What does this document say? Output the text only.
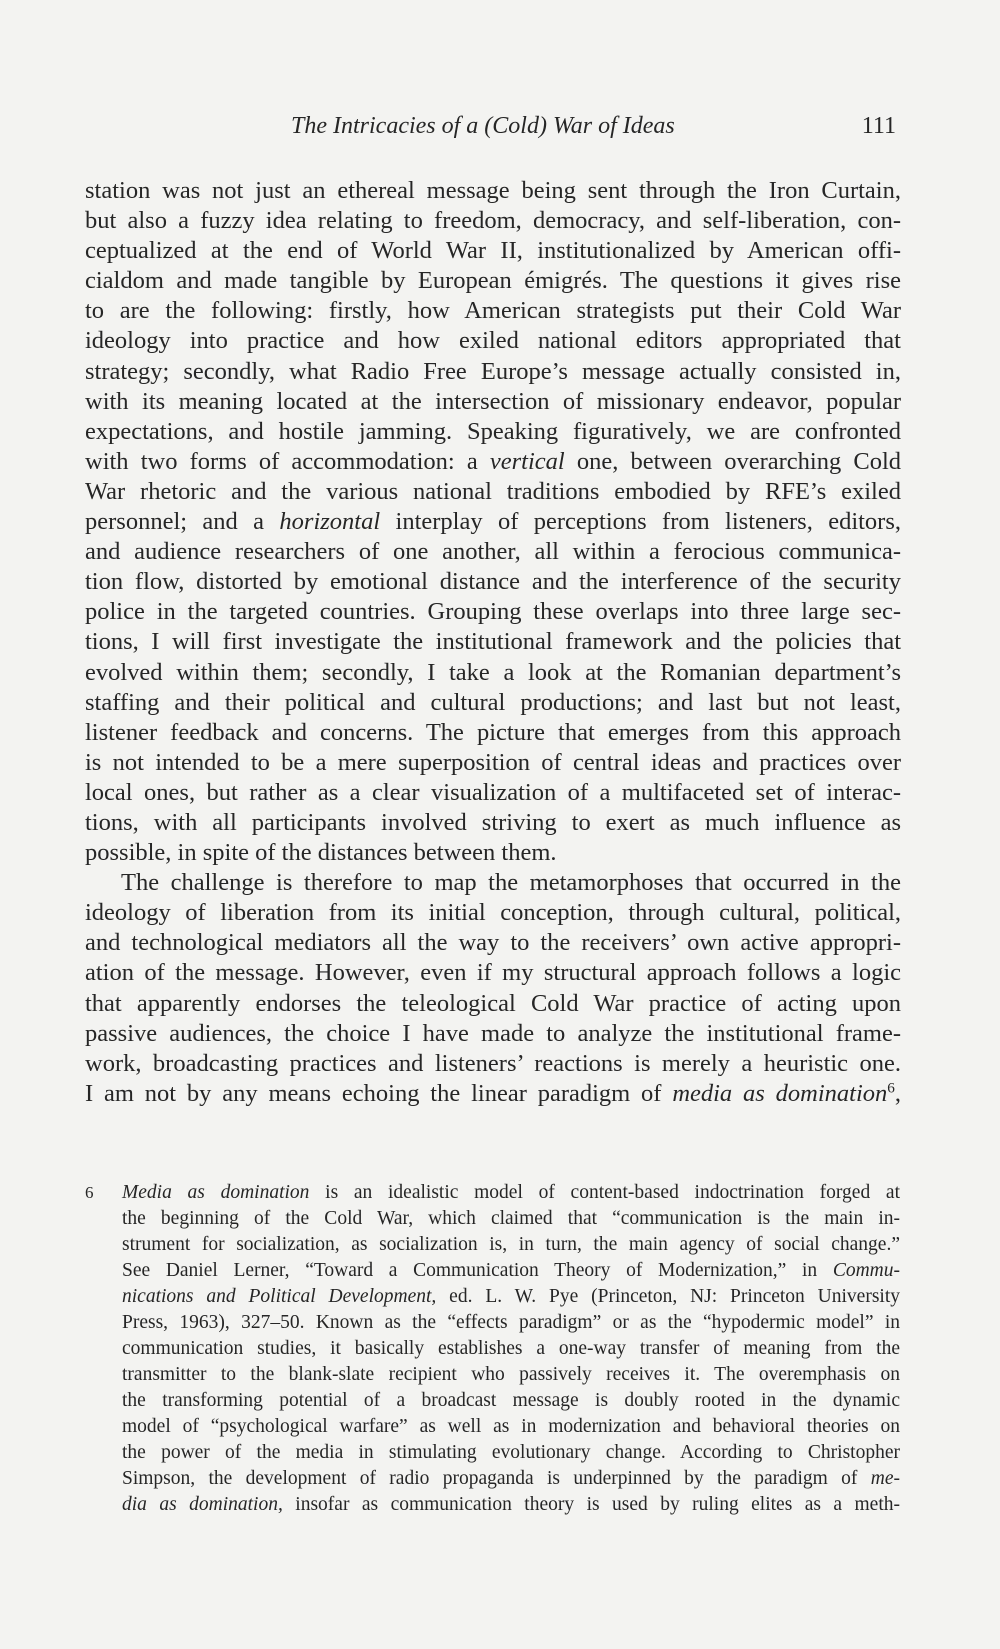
The Intricacies of a (Cold) War of Ideas	111
station was not just an ethereal message being sent through the Iron Curtain,
but also a fuzzy idea relating to freedom, democracy, and self-liberation, con-
ceptualized at the end of World War II, institutionalized by American offi-
cialdom and made tangible by European émigrés. The questions it gives rise
to are the following: firstly, how American strategists put their Cold War
ideology into practice and how exiled national editors appropriated that
strategy; secondly, what Radio Free Europe’s message actually consisted in,
with its meaning located at the intersection of missionary endeavor, popular
expectations, and hostile jamming. Speaking figuratively, we are confronted
with two forms of accommodation: a vertical one, between overarching Cold
War rhetoric and the various national traditions embodied by RFE’s exiled
personnel; and a horizontal interplay of perceptions from listeners, editors,
and audience researchers of one another, all within a ferocious communica-
tion flow, distorted by emotional distance and the interference of the security
police in the targeted countries. Grouping these overlaps into three large sec-
tions, I will first investigate the institutional framework and the policies that
evolved within them; secondly, I take a look at the Romanian department’s
staffing and their political and cultural productions; and last but not least,
listener feedback and concerns. The picture that emerges from this approach
is not intended to be a mere superposition of central ideas and practices over
local ones, but rather as a clear visualization of a multifaceted set of interac-
tions, with all participants involved striving to exert as much influence as
possible, in spite of the distances between them.
The challenge is therefore to map the metamorphoses that occurred in the
ideology of liberation from its initial conception, through cultural, political,
and technological mediators all the way to the receivers’ own active appropri-
ation of the message. However, even if my structural approach follows a logic
that apparently endorses the teleological Cold War practice of acting upon
passive audiences, the choice I have made to analyze the institutional frame-
work, broadcasting practices and listeners’ reactions is merely a heuristic one.
I am not by any means echoing the linear paradigm of media as domination$^6$,
6 Media as domination is an idealistic model of content-based indoctrination forged at
the beginning of the Cold War, which claimed that “communication is the main in-
strument for socialization, as socialization is, in turn, the main agency of social change.”
See Daniel Lerner, “Toward a Communication Theory of Modernization,” in Commu-
nications and Political Development, ed. L. W. Pye (Princeton, NJ: Princeton University
Press, 1963), 327–50. Known as the “effects paradigm” or as the “hypodermic model” in
communication studies, it basically establishes a one-way transfer of meaning from the
transmitter to the blank-slate recipient who passively receives it. The overemphasis on
the transforming potential of a broadcast message is doubly rooted in the dynamic
model of “psychological warfare” as well as in modernization and behavioral theories on
the power of the media in stimulating evolutionary change. According to Christopher
Simpson, the development of radio propaganda is underpinned by the paradigm of me-
dia as domination, insofar as communication theory is used by ruling elites as a meth-
